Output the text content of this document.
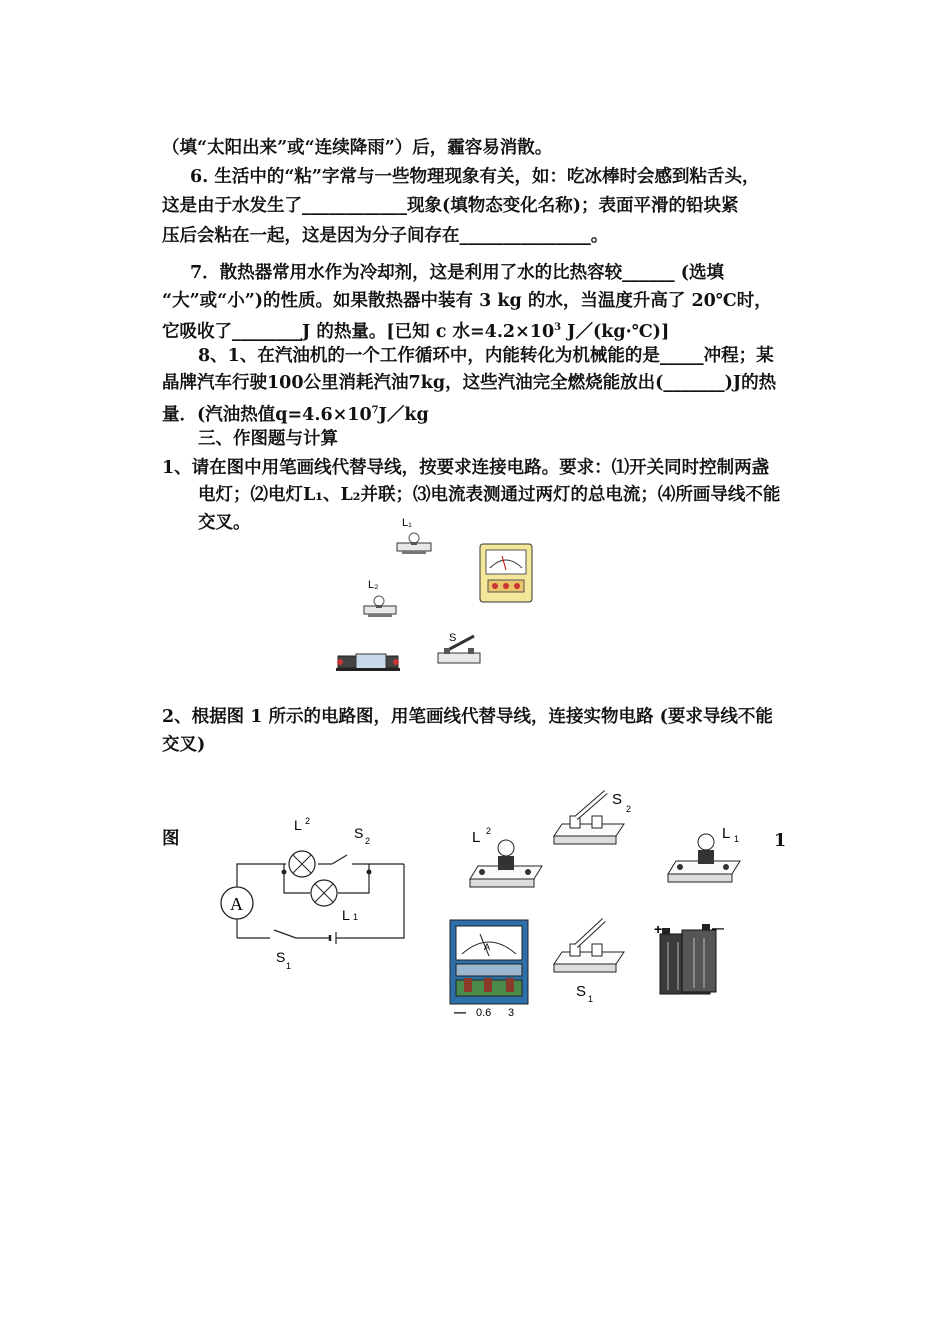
（填“太阳出来”或“连续降雨”）后，霾容易消散。
6. 生活中的“粘”字常与一些物理现象有关，如：吃冰棒时会感到粘舌头，
这是由于水发生了____________现象(填物态变化名称)；表面平滑的铅块紧
压后会粘在一起，这是因为分子间存在_______________。
7．散热器常用水作为冷却剂，这是利用了水的比热容较______ (选填
“大”或“小”)的性质。如果散热器中装有 3 kg 的水，当温度升高了 20℃时，
它吸收了________J 的热量。[已知 c 水$=4.2\times 10^3$ J／(kg·℃)]
8、1、在汽油机的一个工作循环中，内能转化为机械能的是_____冲程；某
晶牌汽车行驶100公里消耗汽油7kg，这些汽油完全燃烧能放出(_______)J的热
量．(汽油热值$q=4.6\times 10^7J/kg$
三、作图题与计算
1、请在图中用笔画线代替导线，按要求连接电路。要求：⑴开关同时控制两盏
电灯；⑵电灯L₁、L₂并联；⑶电流表测通过两灯的总电流；⑷所画导线不能
交叉。
2、根据图 1 所示的电路图，用笔画线代替导线，连接实物电路 (要求导线不能
交叉)
图	1
L₁
L₂
S
A
L 2
S 2
L 1
S
1
S
2
L 2	L 1
A
— 0.6 3
S 1
+	—
